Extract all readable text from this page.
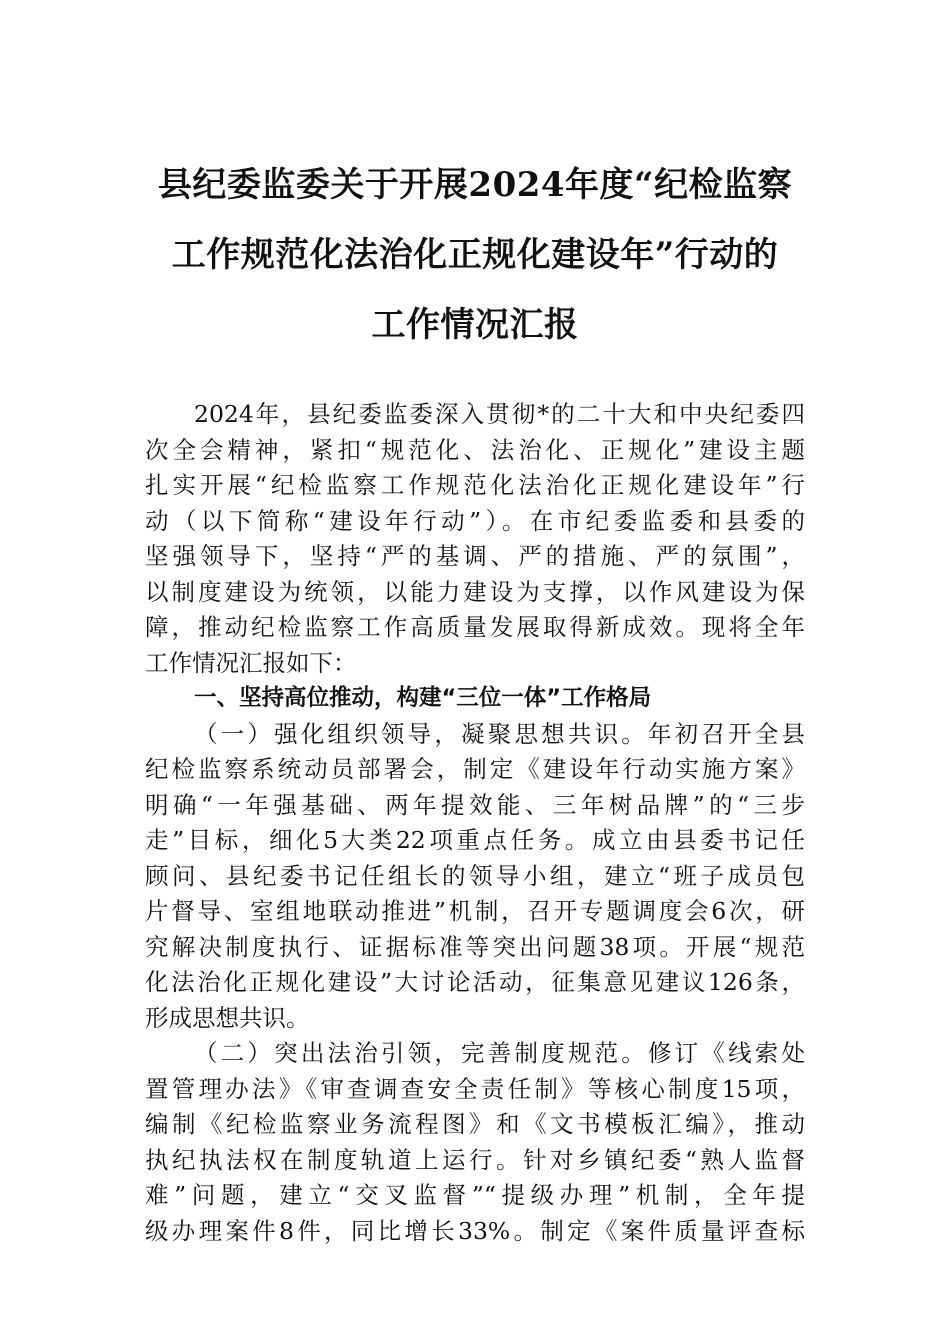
县纪委监委关于开展2024年度“纪检监察
工作规范化法治化正规化建设年”行动的
工作情况汇报
2024年，县纪委监委深入贯彻*的二十大和中央纪委四
次全会精神，紧扣“规范化、法治化、正规化”建设主题
扎实开展“纪检监察工作规范化法治化正规化建设年”行
动（以下简称“建设年行动”）。在市纪委监委和县委的
坚强领导下，坚持“严的基调、严的措施、严的氛围”，
以制度建设为统领，以能力建设为支撑，以作风建设为保
障，推动纪检监察工作高质量发展取得新成效。现将全年
工作情况汇报如下：
一、坚持高位推动，构建“三位一体”工作格局
（一）强化组织领导，凝聚思想共识。年初召开全县
纪检监察系统动员部署会，制定《建设年行动实施方案》
明确“一年强基础、两年提效能、三年树品牌”的“三步
走”目标，细化5大类22项重点任务。成立由县委书记任
顾问、县纪委书记任组长的领导小组，建立“班子成员包
片督导、室组地联动推进”机制，召开专题调度会6次，研
究解决制度执行、证据标准等突出问题38项。开展“规范
化法治化正规化建设”大讨论活动，征集意见建议126条，
形成思想共识。
（二）突出法治引领，完善制度规范。修订《线索处
置管理办法》《审查调查安全责任制》等核心制度15项，
编制《纪检监察业务流程图》和《文书模板汇编》，推动
执纪执法权在制度轨道上运行。针对乡镇纪委“熟人监督
难”问题，建立“交叉监督”“提级办理”机制，全年提
级办理案件8件，同比增长33%。制定《案件质量评查标
